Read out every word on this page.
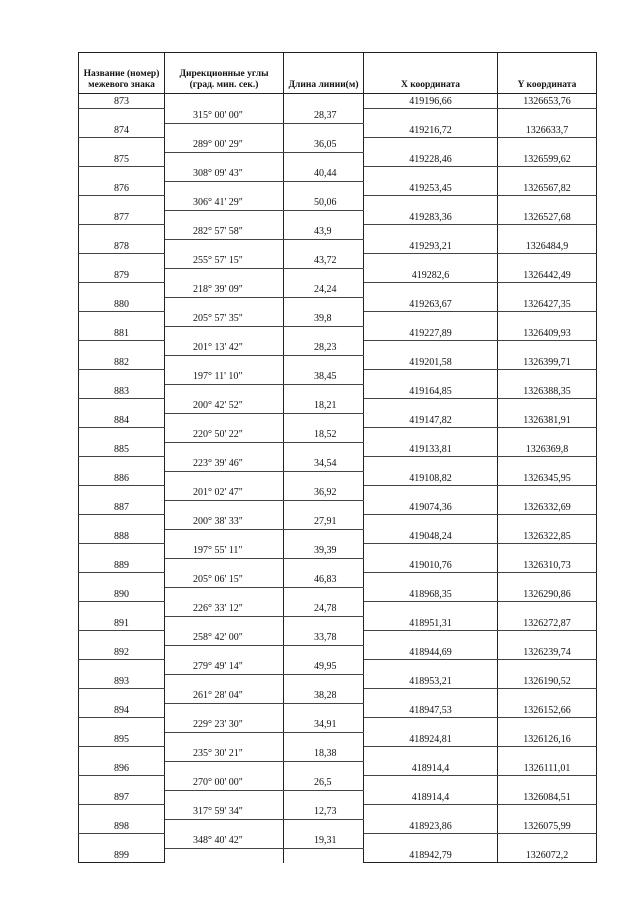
Название (номер) межевого знака	Дирекционные углы (град. мин. сек.)	Длина линии(м)	X координата	Y координата
873			419196,66	1326653,76
	315° 00' 00"	28,37		
874			419216,72	1326633,7
	289° 00' 29"	36,05		
875			419228,46	1326599,62
	308° 09' 43"	40,44		
876			419253,45	1326567,82
	306° 41' 29"	50,06		
877			419283,36	1326527,68
	282° 57' 58"	43,9		
878			419293,21	1326484,9
	255° 57' 15"	43,72		
879			419282,6	1326442,49
	218° 39' 09"	24,24		
880			419263,67	1326427,35
	205° 57' 35"	39,8		
881			419227,89	1326409,93
	201° 13' 42"	28,23		
882			419201,58	1326399,71
	197° 11' 10"	38,45		
883			419164,85	1326388,35
	200° 42' 52"	18,21		
884			419147,82	1326381,91
	220° 50' 22"	18,52		
885			419133,81	1326369,8
	223° 39' 46"	34,54		
886			419108,82	1326345,95
	201° 02' 47"	36,92		
887			419074,36	1326332,69
	200° 38' 33"	27,91		
888			419048,24	1326322,85
	197° 55' 11"	39,39		
889			419010,76	1326310,73
	205° 06' 15"	46,83		
890			418968,35	1326290,86
	226° 33' 12"	24,78		
891			418951,31	1326272,87
	258° 42' 00"	33,78		
892			418944,69	1326239,74
	279° 49' 14"	49,95		
893			418953,21	1326190,52
	261° 28' 04"	38,28		
894			418947,53	1326152,66
	229° 23' 30"	34,91		
895			418924,81	1326126,16
	235° 30' 21"	18,38		
896			418914,4	1326111,01
	270° 00' 00"	26,5		
897			418914,4	1326084,51
	317° 59' 34"	12,73		
898			418923,86	1326075,99
	348° 40' 42"	19,31		
899			418942,79	1326072,2
